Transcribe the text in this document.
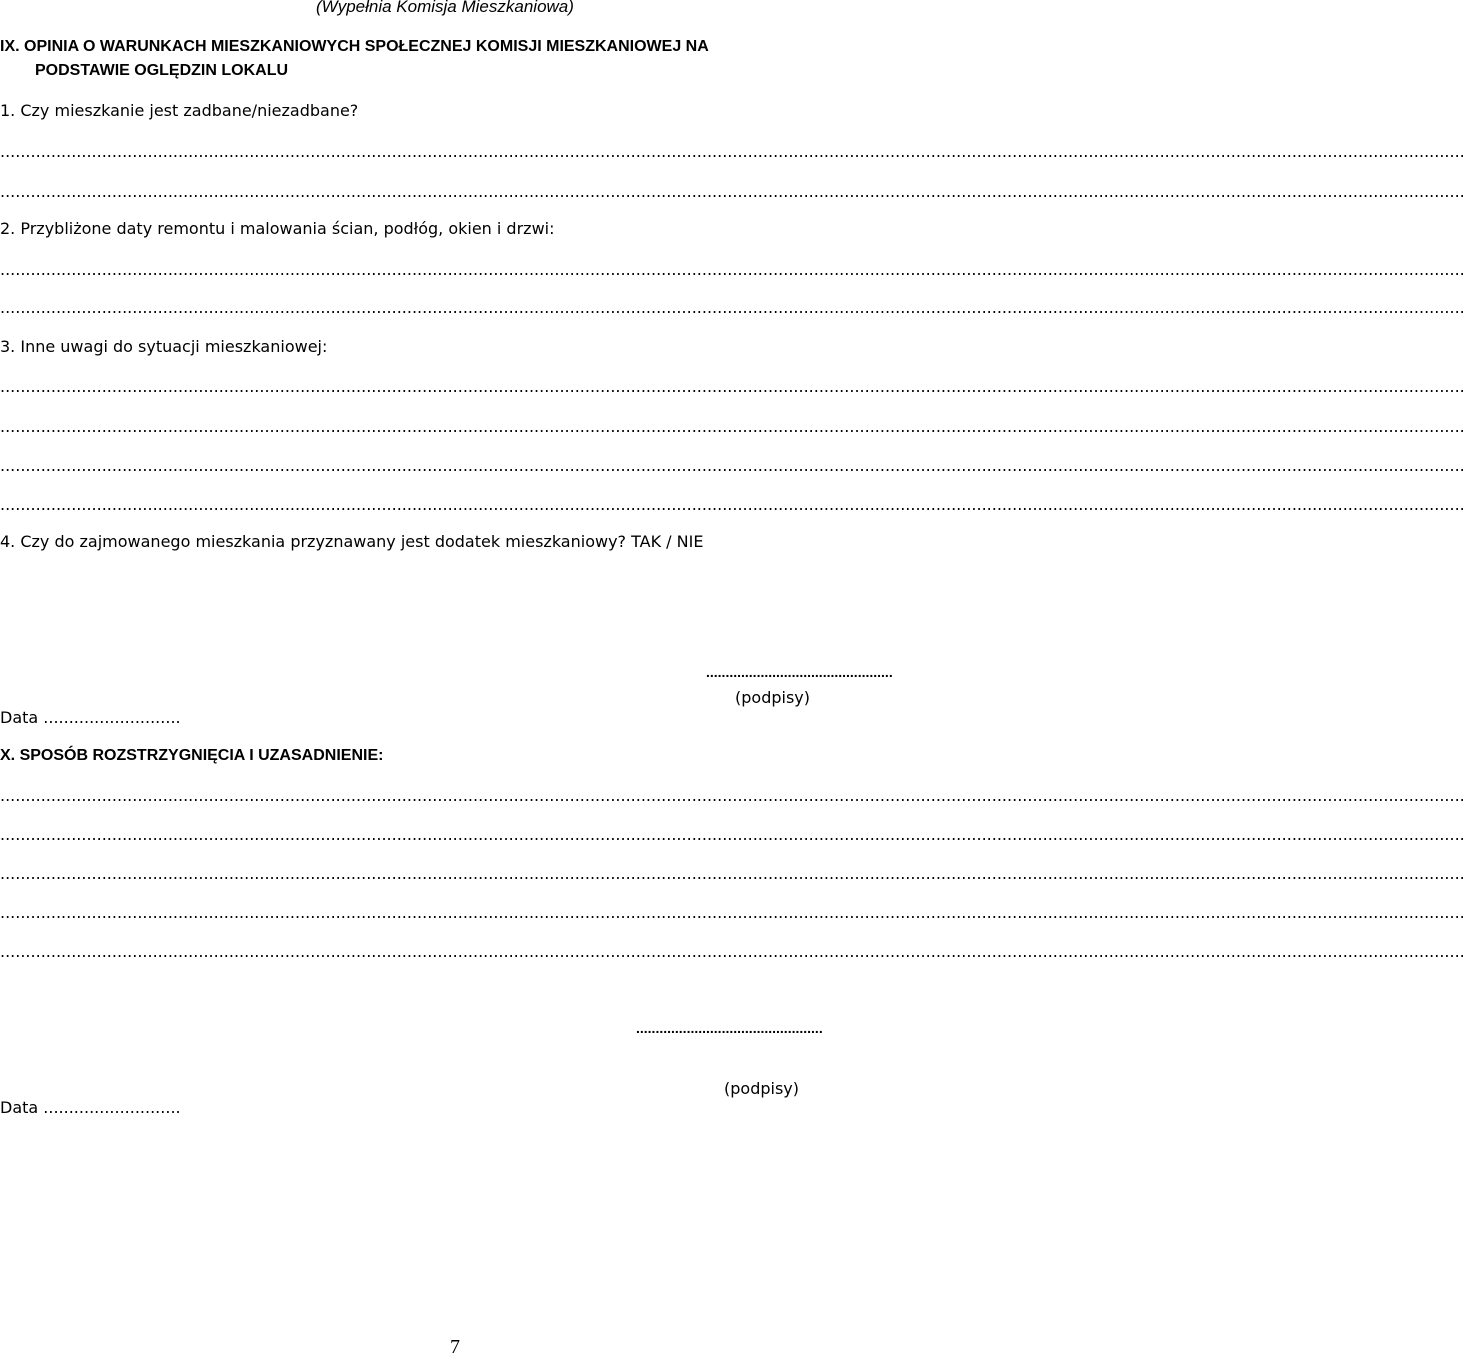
(Wypełnia Komisja Mieszkaniowa)
IX. OPINIA O WARUNKACH MIESZKANIOWYCH SPOŁECZNEJ KOMISJI MIESZKANIOWEJ NA
PODSTAWIE OGLĘDZIN LOKALU
1. Czy mieszkanie jest zadbane/niezadbane?
................................................................................................................................................................................................................................................................................................
................................................................................................................................................................................................................................................................................................
2. Przybliżone daty remontu i malowania ścian, podłóg, okien i drzwi:
................................................................................................................................................................................................................................................................................................
................................................................................................................................................................................................................................................................................................
3. Inne uwagi do sytuacji mieszkaniowej:
................................................................................................................................................................................................................................................................................................
................................................................................................................................................................................................................................................................................................
................................................................................................................................................................................................................................................................................................
................................................................................................................................................................................................................................................................................................
4. Czy do zajmowanego mieszkania przyznawany jest dodatek mieszkaniowy? TAK / NIE
................................................
(podpisy)
Data ...........................
X. SPOSÓB ROZSTRZYGNIĘCIA I UZASADNIENIE:
................................................................................................................................................................................................................................................................................................
................................................................................................................................................................................................................................................................................................
................................................................................................................................................................................................................................................................................................
................................................................................................................................................................................................................................................................................................
................................................................................................................................................................................................................................................................................................
................................................
(podpisy)
Data ...........................
7
